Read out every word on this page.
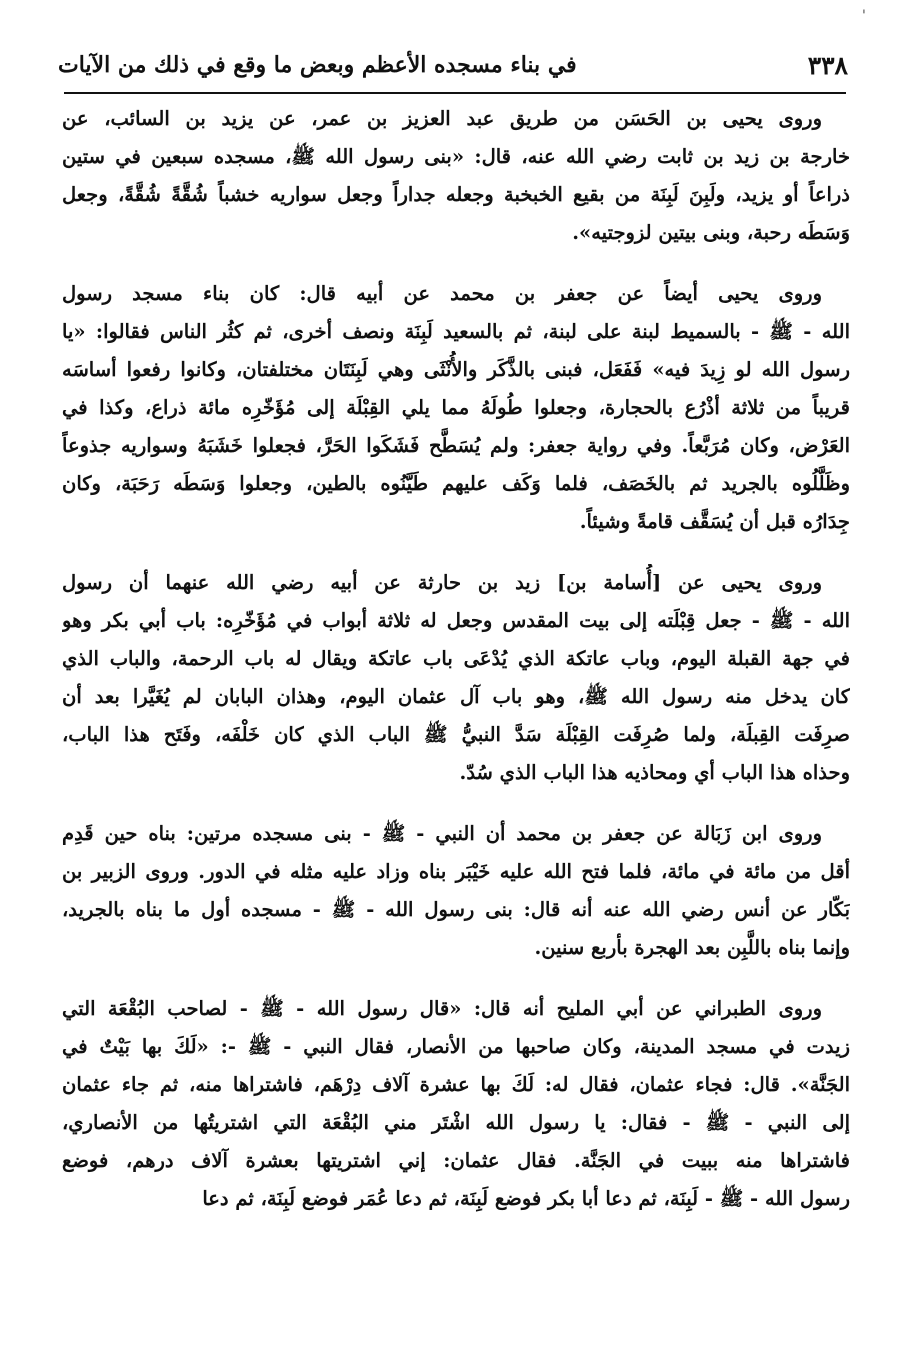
'
٣٣٨
في بناء مسجده الأعظم وبعض ما وقع في ذلك من الآيات
وروى يحيى بن الحَسَن من طريق عبد العزيز بن عمر، عن يزيد بن السائب، عن
خارجة بن زيد بن ثابت رضي الله عنه، قال: «بنى رسول الله ﷺ، مسجده سبعين في ستين
ذراعاً أو يزيد، ولَبِنَ لَبِنَة من بقيع الخبخبة وجعله جداراً وجعل سواريه خشباً شُقَّةً شُقَّةً، وجعل
وَسَطَه رحبة، وبنى بيتين لزوجتيه».
وروى يحيى أيضاً عن جعفر بن محمد عن أبيه قال: كان بناء مسجد رسول
الله - ﷺ - بالسميط لبنة على لبنة، ثم بالسعيد لَبِنَة ونصف أخرى، ثم كثُر الناس فقالوا: «يا
رسول الله لو زِيدَ فيه» فَفَعَل، فبنى بالذَّكَر والأُنْثَى وهي لَبِنَتَان مختلفتان، وكانوا رفعوا أساسَه
قريباً من ثلاثة أذْرُع بالحجارة، وجعلوا طُولَهُ مما يلي القِبْلَة إلى مُؤَخّرِه مائة ذراع، وكذا في
العَرْض، وكان مُرَبَّعاً. وفي رواية جعفر: ولم يُسَطَّح فَشَكَوا الحَرَّ، فجعلوا خَشَبَهُ وسواريه جذوعاً
وظَلَّلُوه بالجريد ثم بالخَصَف، فلما وَكَف عليهم طَيَّنُوه بالطين، وجعلوا وَسَطَه رَحَبَة، وكان
جِدَارُه قبل أن يُسَقَّف قامةً وشيئاً.
وروى يحيى عن [أُسامة بن] زيد بن حارثة عن أبيه رضي الله عنهما أن رسول
الله - ﷺ - جعل قِبْلَته إلى بيت المقدس وجعل له ثلاثة أبواب في مُؤَخّرِه: باب أبي بكر وهو
في جهة القبلة اليوم، وباب عاتكة الذي يُدْعَى باب عاتكة ويقال له باب الرحمة، والباب الذي
كان يدخل منه رسول الله ﷺ، وهو باب آل عثمان اليوم، وهذان البابان لم يُغَيَّرا بعد أن
صرِفَت القِبلَة، ولما صُرِفَت القِبْلَة سَدَّ النبيُّ ﷺ الباب الذي كان خَلْفَه، وفَتَح هذا الباب،
وحذاه هذا الباب أي ومحاذيه هذا الباب الذي سُدّ.
وروى ابن زَبَالة عن جعفر بن محمد أن النبي - ﷺ - بنى مسجده مرتين: بناه حين قَدِم
أقل من مائة في مائة، فلما فتح الله عليه خَيْبَر بناه وزاد عليه مثله في الدور. وروى الزبير بن
بَكّار عن أنس رضي الله عنه أنه قال: بنى رسول الله - ﷺ - مسجده أول ما بناه بالجريد،
وإنما بناه باللَّبِن بعد الهجرة بأربع سنين.
وروى الطبراني عن أبي المليح أنه قال: «قال رسول الله - ﷺ - لصاحب البُقْعَة التي
زيدت في مسجد المدينة، وكان صاحبها من الأنصار، فقال النبي - ﷺ -: «لَكَ بها بَيْتٌ في
الجَنَّة». قال: فجاء عثمان، فقال له: لَكَ بها عشرة آلاف دِرْهَم، فاشتراها منه، ثم جاء عثمان
إلى النبي - ﷺ - فقال: يا رسول الله اشْتَر مني البُقْعَة التي اشتريتُها من الأنصاري،
فاشتراها منه ببيت في الجَنَّة. فقال عثمان: إني اشتريتها بعشرة آلاف درهم، فوضع
رسول الله - ﷺ - لَبِنَة، ثم دعا أبا بكر فوضع لَبِنَة، ثم دعا عُمَر فوضع لَبِنَة، ثم دعا
